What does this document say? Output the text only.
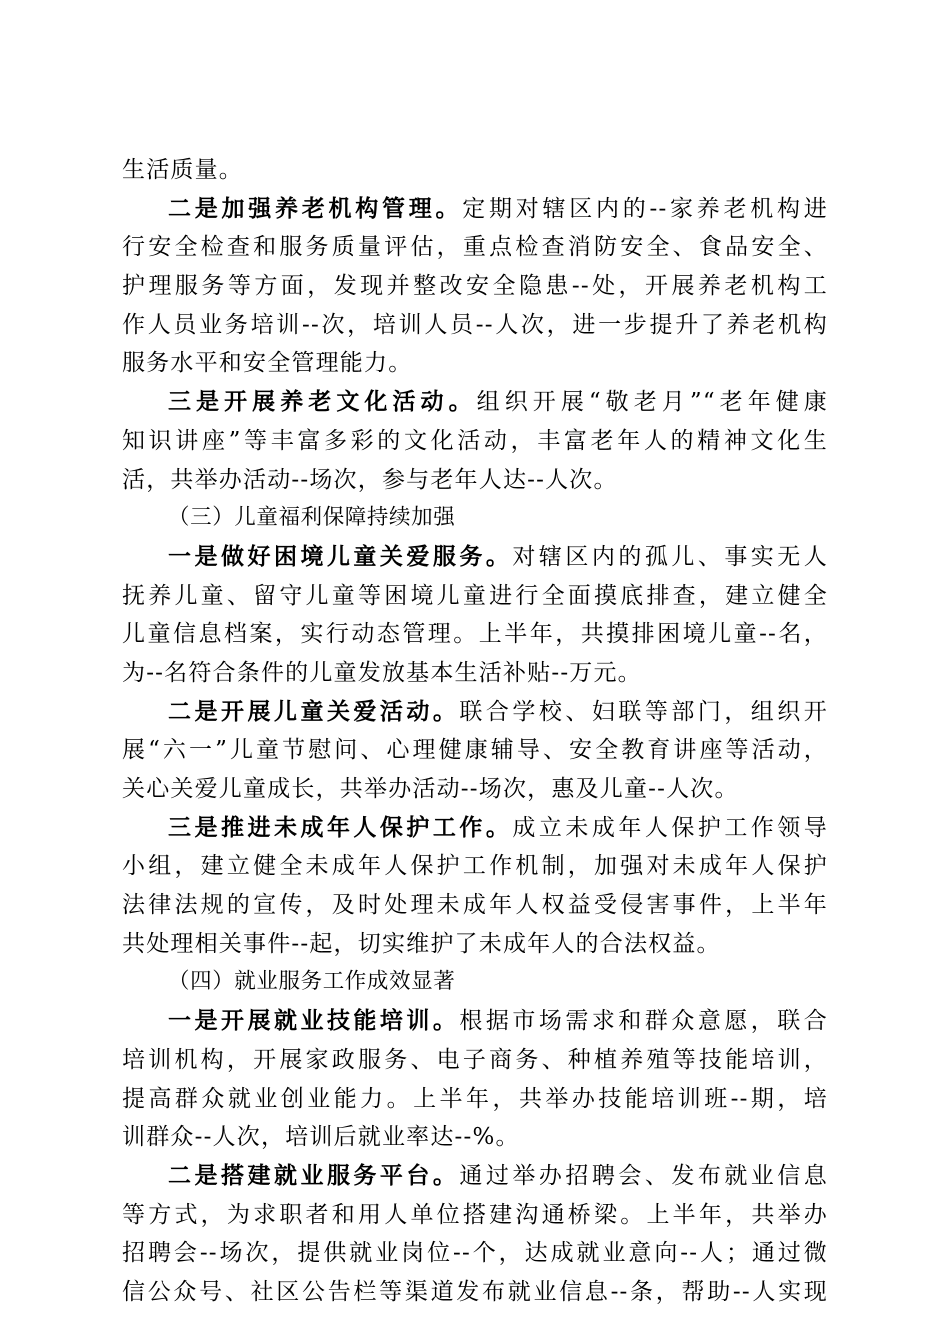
生活质量。
二是加强养老机构管理。定期对辖区内的--家养老机构进
行安全检查和服务质量评估，重点检查消防安全、食品安全、
护理服务等方面，发现并整改安全隐患--处，开展养老机构工
作人员业务培训--次，培训人员--人次，进一步提升了养老机构
服务水平和安全管理能力。
三是开展养老文化活动。组织开展“敬老月”“老年健康
知识讲座”等丰富多彩的文化活动，丰富老年人的精神文化生
活，共举办活动--场次，参与老年人达--人次。
（三）儿童福利保障持续加强
一是做好困境儿童关爱服务。对辖区内的孤儿、事实无人
抚养儿童、留守儿童等困境儿童进行全面摸底排查，建立健全
儿童信息档案，实行动态管理。上半年，共摸排困境儿童--名，
为--名符合条件的儿童发放基本生活补贴--万元。
二是开展儿童关爱活动。联合学校、妇联等部门，组织开
展“六一”儿童节慰问、心理健康辅导、安全教育讲座等活动，
关心关爱儿童成长，共举办活动--场次，惠及儿童--人次。
三是推进未成年人保护工作。成立未成年人保护工作领导
小组，建立健全未成年人保护工作机制，加强对未成年人保护
法律法规的宣传，及时处理未成年人权益受侵害事件，上半年
共处理相关事件--起，切实维护了未成年人的合法权益。
（四）就业服务工作成效显著
一是开展就业技能培训。根据市场需求和群众意愿，联合
培训机构，开展家政服务、电子商务、种植养殖等技能培训，
提高群众就业创业能力。上半年，共举办技能培训班--期，培
训群众--人次，培训后就业率达--%。
二是搭建就业服务平台。通过举办招聘会、发布就业信息
等方式，为求职者和用人单位搭建沟通桥梁。上半年，共举办
招聘会--场次，提供就业岗位--个，达成就业意向--人；通过微
信公众号、社区公告栏等渠道发布就业信息--条，帮助--人实现
